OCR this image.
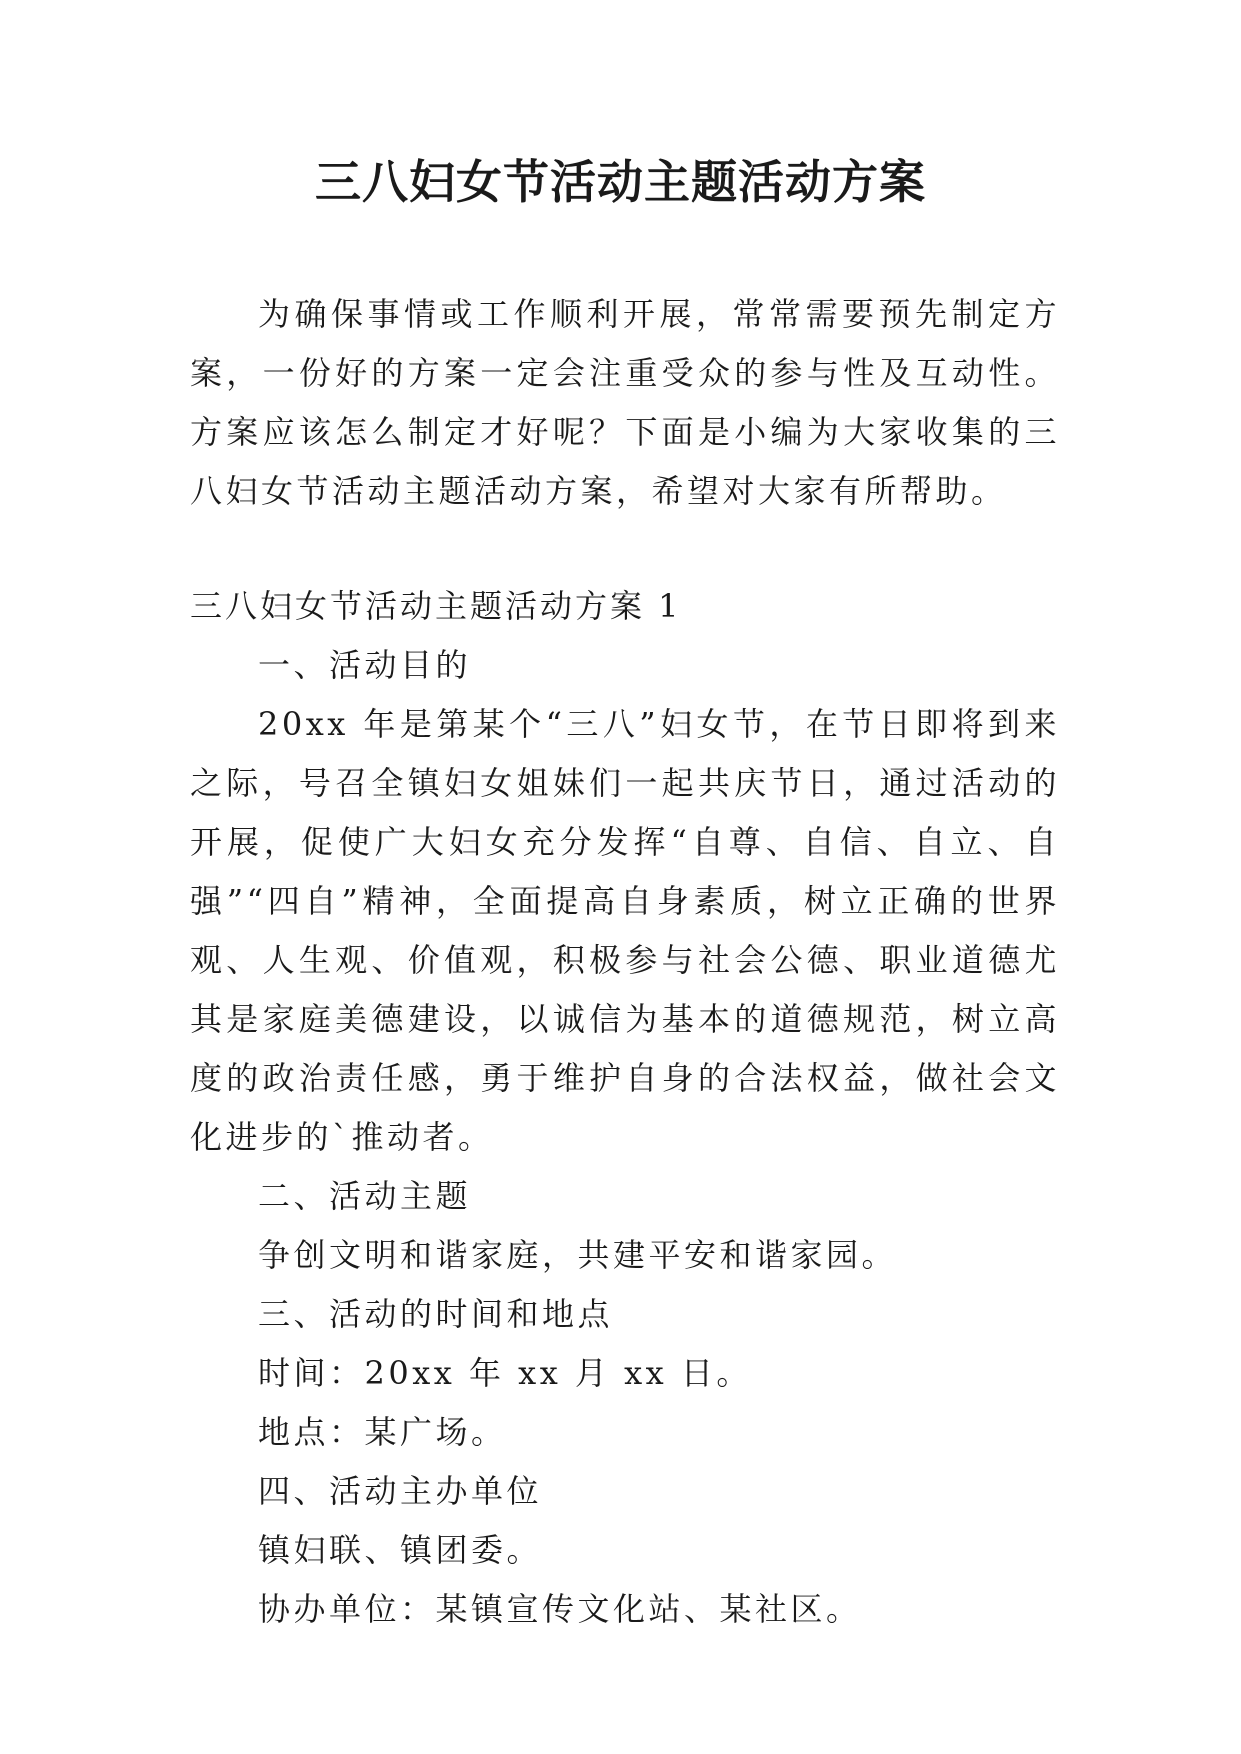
三八妇女节活动主题活动方案
为确保事情或工作顺利开展，常常需要预先制定方案，一份好的方案一定会注重受众的参与性及互动性。方案应该怎么制定才好呢？下面是小编为大家收集的三八妇女节活动主题活动方案，希望对大家有所帮助。
三八妇女节活动主题活动方案 1

一、活动目的

20xx 年是第某个“三八”妇女节，在节日即将到来之际，号召全镇妇女姐妹们一起共庆节日，通过活动的开展，促使广大妇女充分发挥“自尊、自信、自立、自强”“四自”精神，全面提高自身素质，树立正确的世界观、人生观、价值观，积极参与社会公德、职业道德尤其是家庭美德建设，以诚信为基本的道德规范，树立高度的政治责任感，勇于维护自身的合法权益，做社会文化进步的`推动者。

二、活动主题

争创文明和谐家庭，共建平安和谐家园。

三、活动的时间和地点

时间：20xx 年 xx 月 xx 日。

地点：某广场。

四、活动主办单位

镇妇联、镇团委。

协办单位：某镇宣传文化站、某社区。
